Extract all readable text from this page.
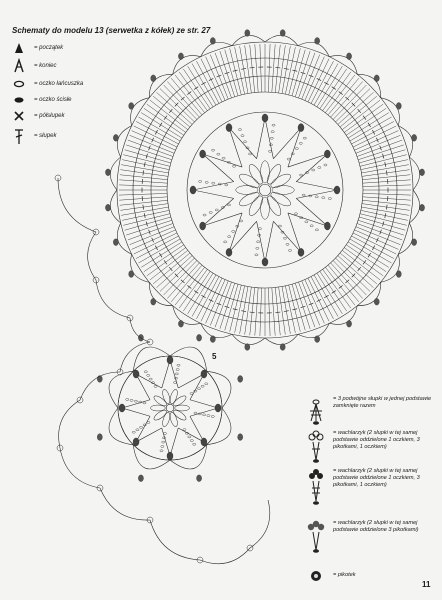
Schematy do modelu 13 (serwetka z kółek) ze str. 27
= początek
= koniec
= oczko łańcuszka
= oczko ścisłe
= półsłupek
= słupek
5
= 3 podwójne słupki w jednej podstawie zamknięte razem
= wachlarzyk (2 słupki w tej samej podstawie oddzielone 1 oczkiem, 3 pikotkami, 1 oczkiem)
= wachlarzyk (2 słupki w tej samej podstawie oddzielone 1 oczkiem, 3 pikotkami, 1 oczkiem)
= wachlarzyk (2 słupki w tej samej podstawie oddzielone 3 pikotkami)
= pikotek
11
